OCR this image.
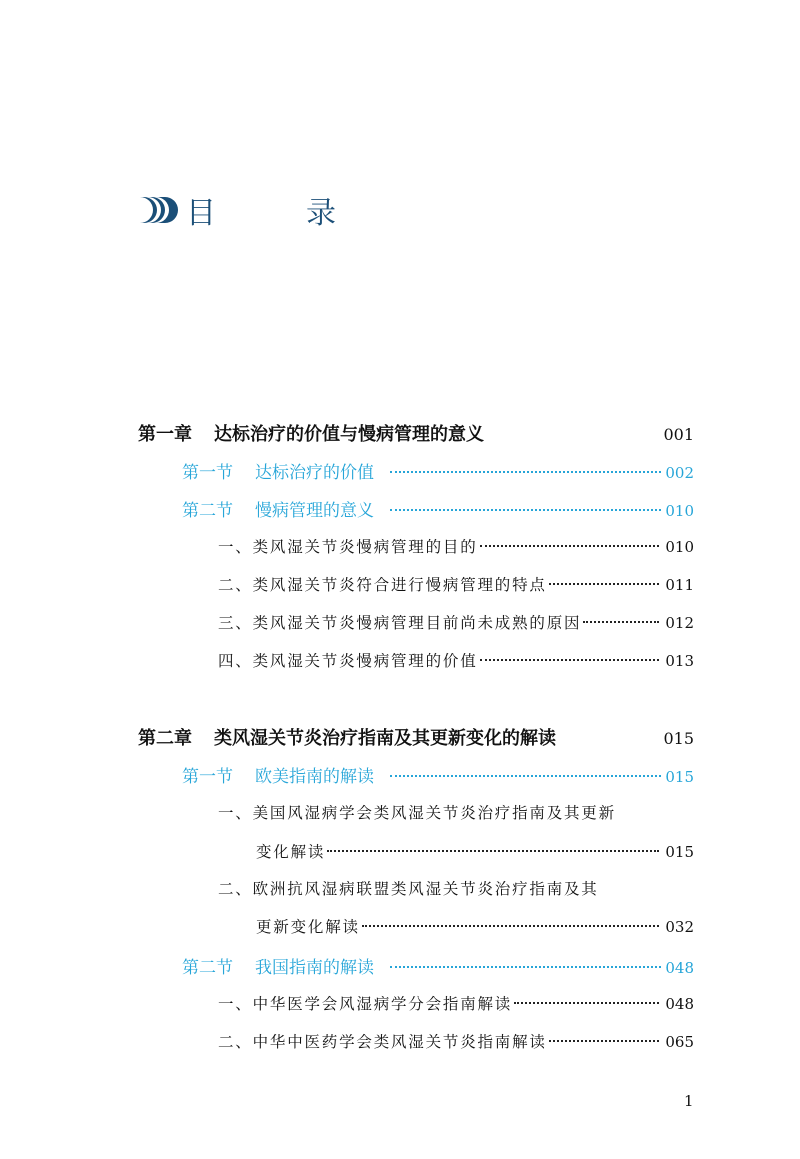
目　录
第一章 达标治疗的价值与慢病管理的意义	001
第一节 达标治疗的价值	002
第二节 慢病管理的意义	010
一、类风湿关节炎慢病管理的目的	010
二、类风湿关节炎符合进行慢病管理的特点	011
三、类风湿关节炎慢病管理目前尚未成熟的原因	012
四、类风湿关节炎慢病管理的价值	013
第二章 类风湿关节炎治疗指南及其更新变化的解读	015
第一节 欧美指南的解读	015
一、美国风湿病学会类风湿关节炎治疗指南及其更新
变化解读	015
二、欧洲抗风湿病联盟类风湿关节炎治疗指南及其
更新变化解读	032
第二节 我国指南的解读	048
一、中华医学会风湿病学分会指南解读	048
二、中华中医药学会类风湿关节炎指南解读	065
1
